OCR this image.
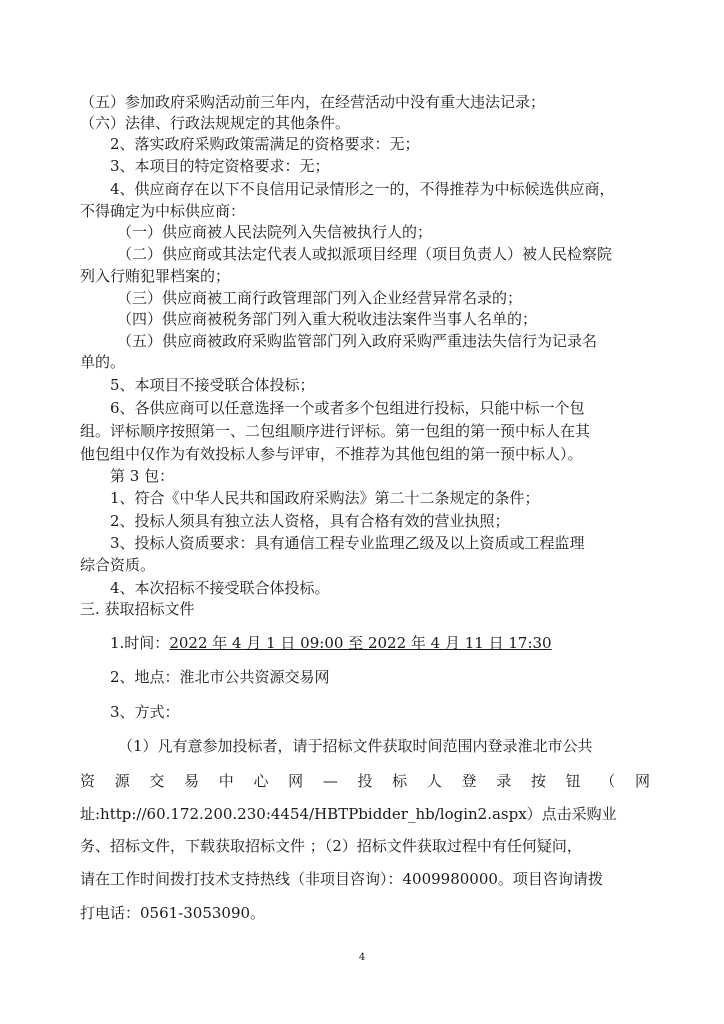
（五）参加政府采购活动前三年内，在经营活动中没有重大违法记录；
（六）法律、行政法规规定的其他条件。
2、落实政府采购政策需满足的资格要求：无；
3、本项目的特定资格要求：无；
4、供应商存在以下不良信用记录情形之一的，不得推荐为中标候选供应商，
不得确定为中标供应商：
（一）供应商被人民法院列入失信被执行人的；
（二）供应商或其法定代表人或拟派项目经理（项目负责人）被人民检察院
列入行贿犯罪档案的；
（三）供应商被工商行政管理部门列入企业经营异常名录的；
（四）供应商被税务部门列入重大税收违法案件当事人名单的；
（五）供应商被政府采购监管部门列入政府采购严重违法失信行为记录名
单的。
5、本项目不接受联合体投标；
6、各供应商可以任意选择一个或者多个包组进行投标，只能中标一个包
组。评标顺序按照第一、二包组顺序进行评标。第一包组的第一预中标人在其
他包组中仅作为有效投标人参与评审，不推荐为其他包组的第一预中标人）。
第 3 包：
1、符合《中华人民共和国政府采购法》第二十二条规定的条件；
2、投标人须具有独立法人资格，具有合格有效的营业执照；
3、投标人资质要求：具有通信工程专业监理乙级及以上资质或工程监理
综合资质。
4、本次招标不接受联合体投标。
三. 获取招标文件
1.时间：2022 年 4 月 1 日 09:00 至 2022 年 4 月 11 日 17:30
2、地点：淮北市公共资源交易网
3、方式：
（1）凡有意参加投标者，请于招标文件获取时间范围内登录淮北市公共
资 源 交 易 中 心 网 — 投 标 人 登 录 按 钮 （ 网
址:http://60.172.200.230:4454/HBTPbidder_hb/login2.aspx）点击采购业
务、招标文件，下载获取招标文件 ；（2）招标文件获取过程中有任何疑问，
请在工作时间拨打技术支持热线（非项目咨询）：4009980000。项目咨询请拨
打电话：0561-3053090。
4
